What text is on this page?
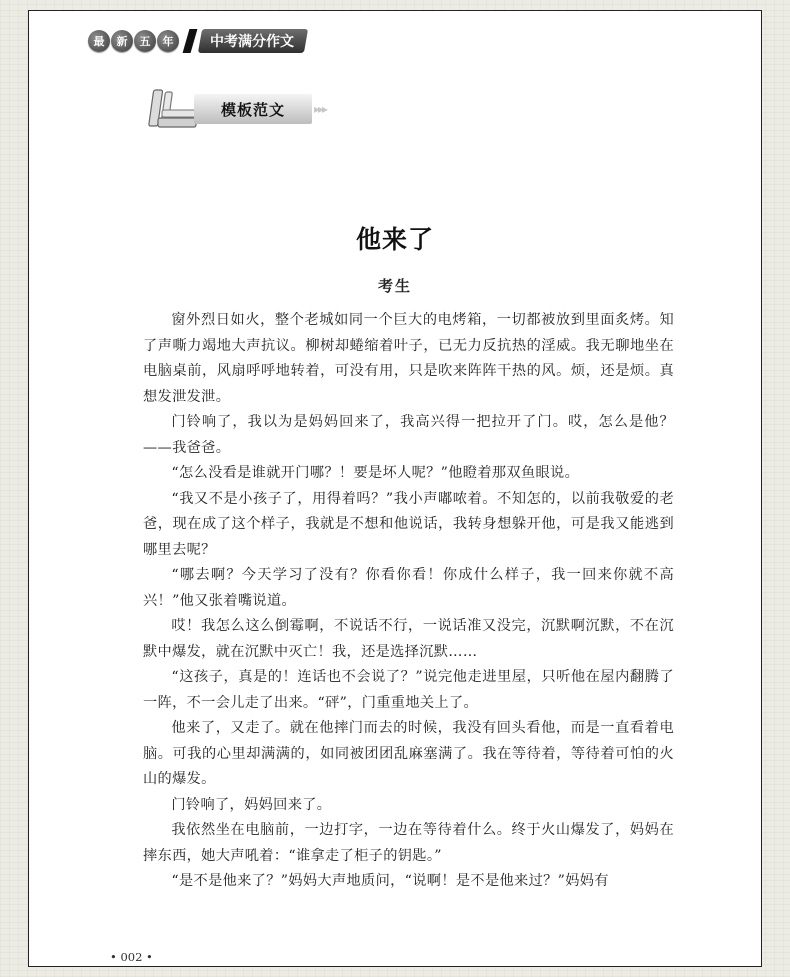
最	新	五	年	中考满分作文
模板范文	▸▸▸
他来了
考生

窗外烈日如火，整个老城如同一个巨大的电烤箱，一切都被放到里面炙烤。知了声嘶力竭地大声抗议。柳树却蜷缩着叶子，已无力反抗热的淫威。我无聊地坐在电脑桌前，风扇呼呼地转着，可没有用，只是吹来阵阵干热的风。烦，还是烦。真想发泄发泄。

门铃响了，我以为是妈妈回来了，我高兴得一把拉开了门。哎，怎么是他？——我爸爸。

“怎么没看是谁就开门哪？！要是坏人呢？”他瞪着那双鱼眼说。

“我又不是小孩子了，用得着吗？”我小声嘟哝着。不知怎的，以前我敬爱的老爸，现在成了这个样子，我就是不想和他说话，我转身想躲开他，可是我又能逃到哪里去呢？

“哪去啊？今天学习了没有？你看你看！你成什么样子，我一回来你就不高兴！”他又张着嘴说道。

哎！我怎么这么倒霉啊，不说话不行，一说话准又没完，沉默啊沉默，不在沉默中爆发，就在沉默中灭亡！我，还是选择沉默……

“这孩子，真是的！连话也不会说了？”说完他走进里屋，只听他在屋内翻腾了一阵，不一会儿走了出来。“砰”，门重重地关上了。

他来了，又走了。就在他摔门而去的时候，我没有回头看他，而是一直看着电脑。可我的心里却满满的，如同被团团乱麻塞满了。我在等待着，等待着可怕的火山的爆发。

门铃响了，妈妈回来了。

我依然坐在电脑前，一边打字，一边在等待着什么。终于火山爆发了，妈妈在摔东西，她大声吼着：“谁拿走了柜子的钥匙。”

“是不是他来了？”妈妈大声地质问，“说啊！是不是他来过？”妈妈有

• 002 •
